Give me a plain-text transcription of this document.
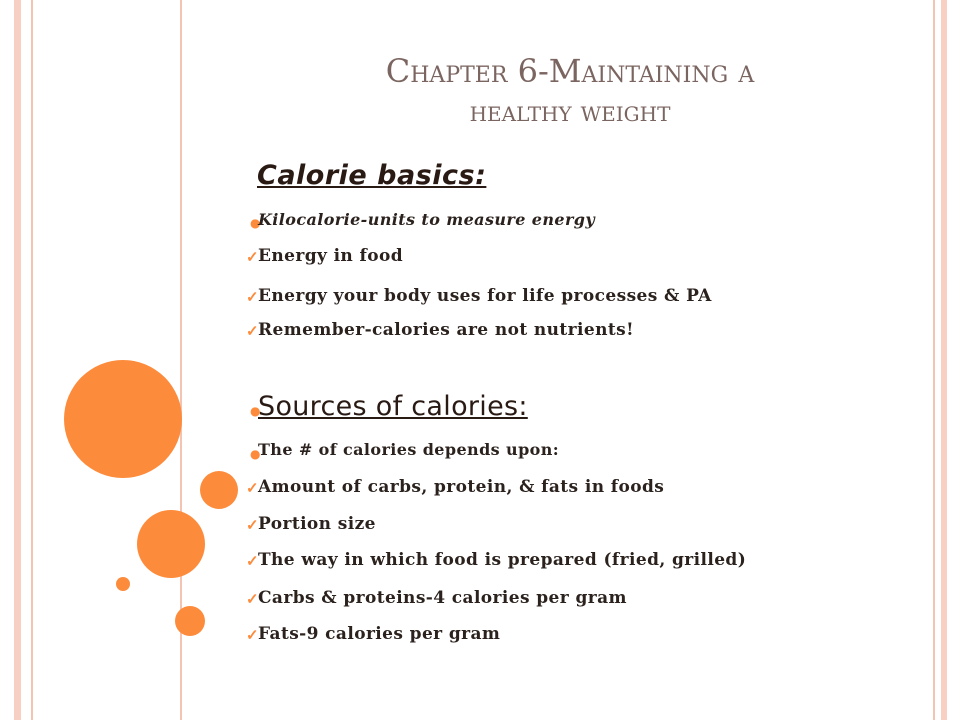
Chapter 6-Maintaining a
healthy weight
Calorie basics:
●
Kilocalorie-units to measure energy
✓ Energy in food
✓ Energy your body uses for life processes & PA
✓ Remember-calories are not nutrients!
●
Sources of calories:
●
The # of calories depends upon:
✓ Amount of carbs, protein, & fats in foods
✓ Portion size
✓ The way in which food is prepared (fried, grilled)
✓ Carbs & proteins-4 calories per gram
✓ Fats-9 calories per gram
